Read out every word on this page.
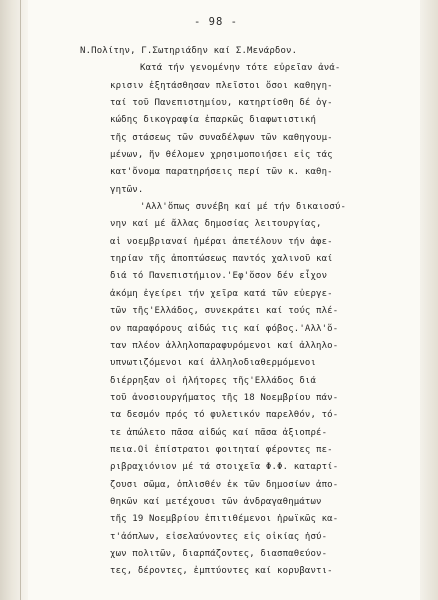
- 98 -
Ν.Πολίτην, Γ.Σωτηριάδην καί Σ.Μενάρδον.
Κατά τήν γενομένην τότε εὐρεῖαν ἀνά-
κρισιν ἐξητάσθησαν πλεῖστοι ὅσοι καθηγη-
ταί τοῦ Πανεπιστημίου, κατηρτίσθη δέ ὀγ-
κώδης δικογραφία ἐπαρκῶς διαφωτιστική
τῆς στάσεως τῶν συναδέλφων τῶν καθηγουμ-
μένων, ἥν θέλομεν χρησιμοποιήσει εἰς τάς
κατ'ὄνομα παρατηρήσεις περί τῶν κ. καθη-
γητῶν.
'Αλλ'ὅπως συνέβη καί μέ τήν δικαιοσύ-
νην καί μέ ἄλλας δημοσίας λειτουργίας,
αἱ νοεμβριαναί ἡμέραι ἀπετέλουν τήν ἀφε-
τηρίαν τῆς ἀποπτώσεως παντός χαλινοῦ καί
διά τό Πανεπιστήμιον.'Εφ'ὅσον δέν εἶχον
ἀκόμη ἐγείρει τήν χεῖρα κατά τῶν εὐεργε-
τῶν τῆς'Ελλάδος, συνεκράτει καί τούς πλέ-
ον παραφόρους αἰδώς τις καί φόβος.'Αλλ'ὅ-
ταν πλέον ἀλληλοπαραφυρόμενοι καί ἀλληλο-
υπνωτιζόμενοι καί ἀλληλοδιαθερμόμενοι
διέρρηξαν οἱ ἠλήτορες τῆς'Ελλάδος διά
τοῦ ἀνοσιουργήματος τῆς 18 Νοεμβρίου πάν-
τα δεσμόν πρός τό φυλετικόν παρελθόν, τό-
τε ἀπώλετο πᾶσα αἰδώς καί πᾶσα ἀξιοπρέ-
πεια.Οἱ ἐπίστρατοι φοιτηταί φέροντες πε-
ριβραχιόνιον μέ τά στοιχεῖα Φ.Φ. καταρτί-
ζουσι σῶμα, ὁπλισθέν ἐκ τῶν δημοσίων ἀπο-
θηκῶν καί μετέχουσι τῶν ἀνδραγαθημάτων
τῆς 19 Νοεμβρίου ἐπιτιθέμενοι ἡρωϊκῶς κα-
τ'ἀόπλων, εἰσελαύνοντες εἰς οἰκίας ἡσύ-
χων πολιτῶν, διαρπάζοντες, διασπαθεύον-
τες, δέροντες, ἐμπτύοντες καί κορυβαντι-
